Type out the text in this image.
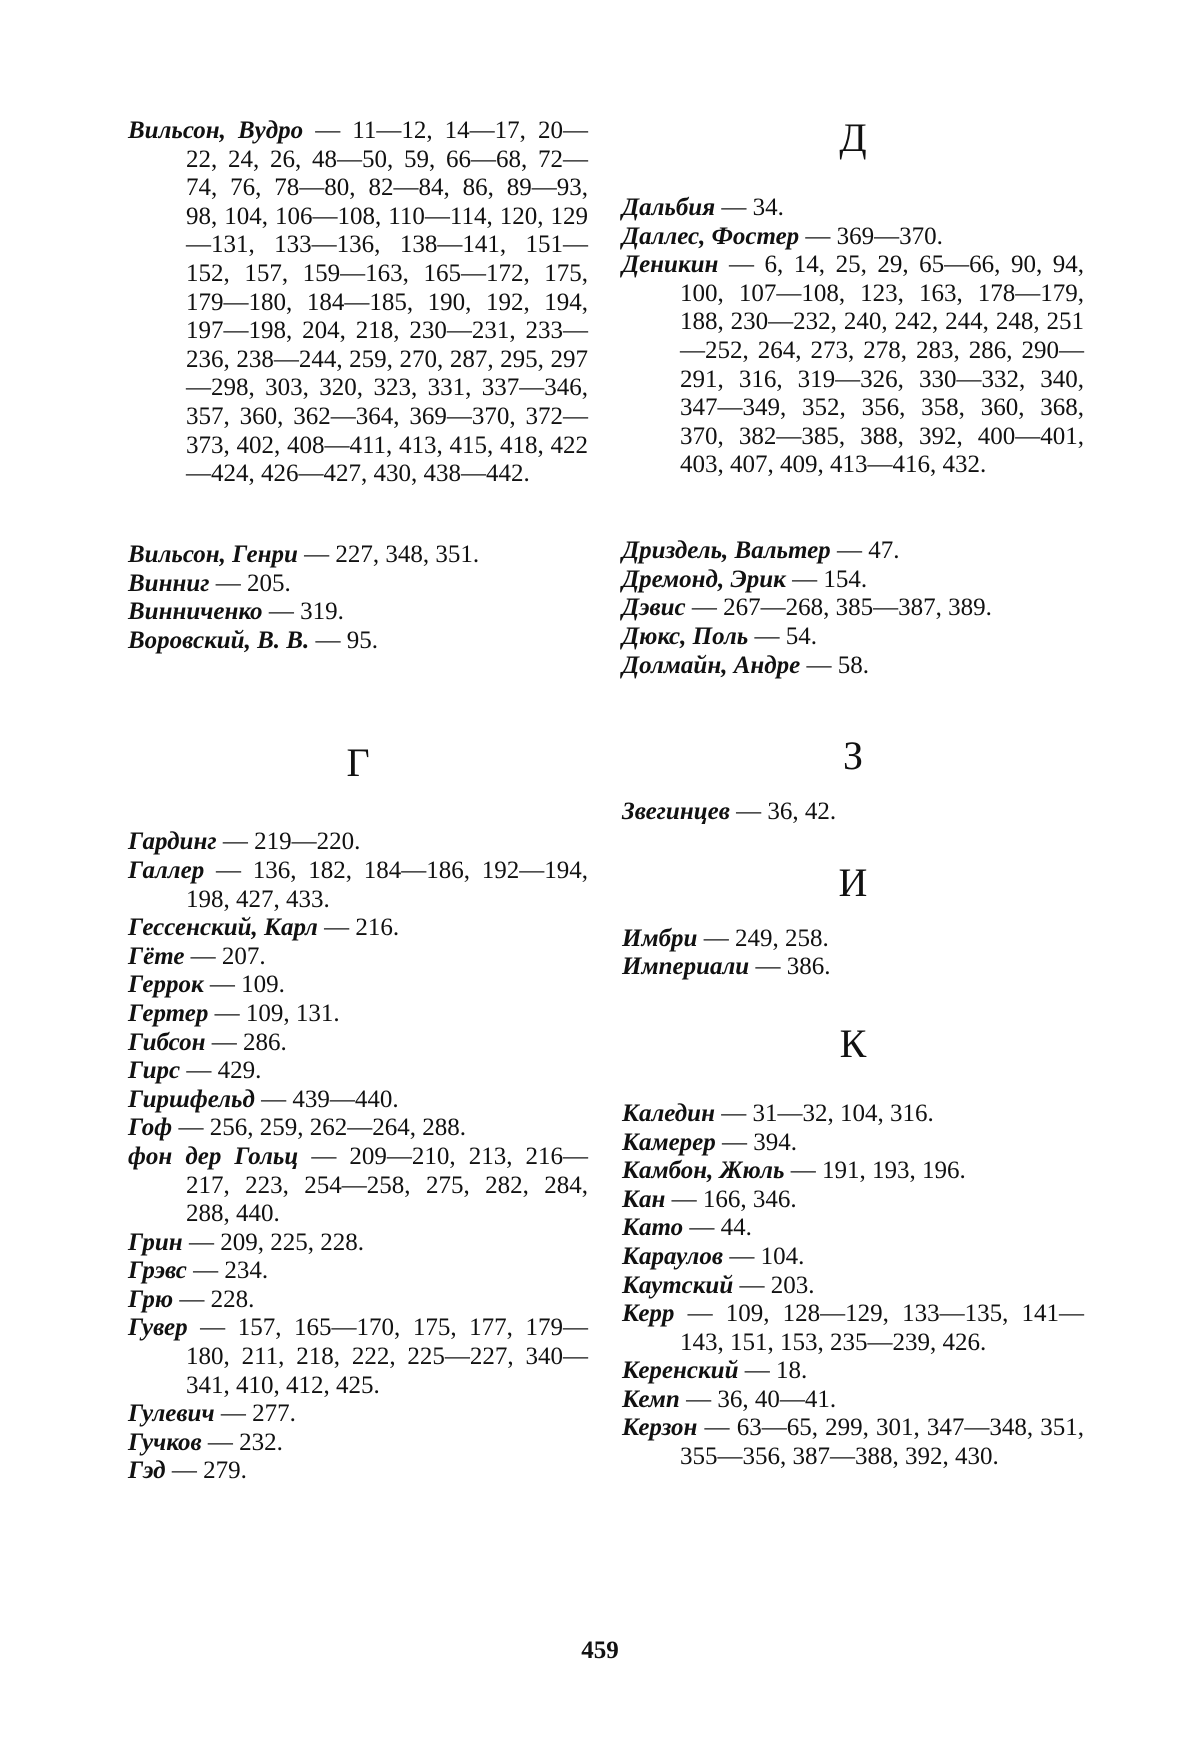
Вильсон, Вудро — 11—12, 14—17, 20—22, 24, 26, 48—50, 59, 66—68, 72—74, 76, 78—80, 82—84, 86, 89—93, 98, 104, 106—108, 110—114, 120, 129—131, 133—136, 138—141, 151—152, 157, 159—163, 165—172, 175, 179—180, 184—185, 190, 192, 194, 197—198, 204, 218, 230—231, 233—236, 238—244, 259, 270, 287, 295, 297—298, 303, 320, 323, 331, 337—346, 357, 360, 362—364, 369—370, 372—373, 402, 408—411, 413, 415, 418, 422—424, 426—427, 430, 438—442.

Вильсон, Генри — 227, 348, 351.

Винниг — 205.

Винниченко — 319.

Воровский, В. В. — 95.

Г

Гардинг — 219—220.

Галлер — 136, 182, 184—186, 192—194, 198, 427, 433.

Гессенский, Карл — 216.

Гёте — 207.

Геррок — 109.

Гертер — 109, 131.

Гибсон — 286.

Гирс — 429.

Гиршфельд — 439—440.

Гоф — 256, 259, 262—264, 288.

фон дер Гольц — 209—210, 213, 216—217, 223, 254—258, 275, 282, 284, 288, 440.

Грин — 209, 225, 228.

Грэвс — 234.

Грю — 228.

Гувер — 157, 165—170, 175, 177, 179—180, 211, 218, 222, 225—227, 340—341, 410, 412, 425.

Гулевич — 277.

Гучков — 232.

Гэд — 279.

Д

Дальбия — 34.

Даллес, Фостер — 369—370.

Деникин — 6, 14, 25, 29, 65—66, 90, 94, 100, 107—108, 123, 163, 178—179, 188, 230—232, 240, 242, 244, 248, 251—252, 264, 273, 278, 283, 286, 290—291, 316, 319—326, 330—332, 340, 347—349, 352, 356, 358, 360, 368, 370, 382—385, 388, 392, 400—401, 403, 407, 409, 413—416, 432.

Дриздель, Вальтер — 47.

Дремонд, Эрик — 154.

Дэвис — 267—268, 385—387, 389.

Дюкс, Поль — 54.

Долмайн, Андре — 58.

З

Звегинцев — 36, 42.

И

Имбри — 249, 258.

Империали — 386.

К

Каледин — 31—32, 104, 316.

Камерер — 394.

Камбон, Жюль — 191, 193, 196.

Кан — 166, 346.

Като — 44.

Караулов — 104.

Каутский — 203.

Керр — 109, 128—129, 133—135, 141—143, 151, 153, 235—239, 426.

Керенский — 18.

Кемп — 36, 40—41.

Керзон — 63—65, 299, 301, 347—348, 351, 355—356, 387—388, 392, 430.

459
